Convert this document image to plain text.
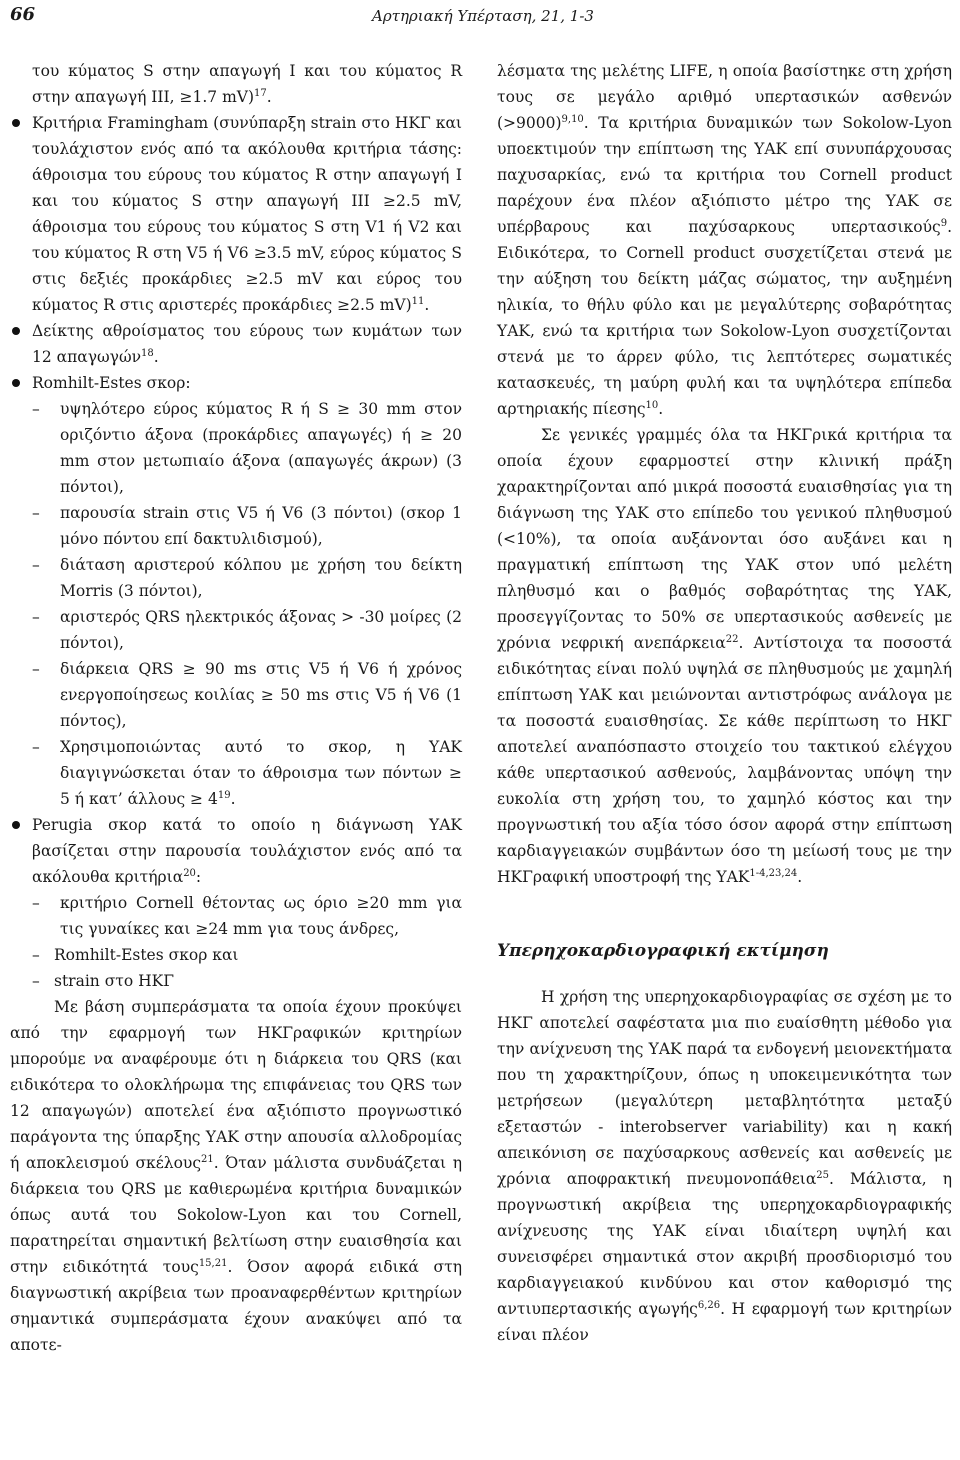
66	Αρτηριακή Υπέρταση, 21, 1-3

του κύματος S στην απαγωγή I και του κύματος R στην απαγωγή III, ≥1.7 mV)$^{17}$.

Κριτήρια Framingham (συνύπαρξη strain στο ΗΚΓ και τουλάχιστον ενός από τα ακόλουθα κριτήρια τάσης: άθροισμα του εύρους του κύματος R στην απαγωγή I και του κύματος S στην απαγωγή III ≥2.5 mV, άθροισμα του εύρους του κύματος S στη V1 ή V2 και του κύματος R στη V5 ή V6 ≥3.5 mV, εύρος κύματος S στις δεξιές προκάρδιες ≥2.5 mV και εύρος του κύματος R στις αριστερές προκάρδιες ≥2.5 mV)$^{11}$.

Δείκτης αθροίσματος του εύρους των κυμάτων των 12 απαγωγών$^{18}$.

Romhilt-Estes σκορ:

– υψηλότερο εύρος κύματος R ή S ≥ 30 mm στον οριζόντιο άξονα (προκάρδιες απαγωγές) ή ≥ 20 mm στον μετωπιαίο άξονα (απαγωγές άκρων) (3 πόντοι),

– παρουσία strain στις V5 ή V6 (3 πόντοι) (σκορ 1 μόνο πόντου επί δακτυλιδισμού),

– διάταση αριστερού κόλπου με χρήση του δείκτη Morris (3 πόντοι),

– αριστερός QRS ηλεκτρικός άξονας > -30 μοίρες (2 πόντοι),

– διάρκεια QRS ≥ 90 ms στις V5 ή V6 ή χρόνος ενεργοποίησεως κοιλίας ≥ 50 ms στις V5 ή V6 (1 πόντος),

– Χρησιμοποιώντας αυτό το σκορ, η ΥΑΚ διαγιγνώσκεται όταν το άθροισμα των πόντων ≥ 5 ή κατ’ $ά\lambda\lambda o\upsilon\varsigma \ge 4^{19}$.

Perugia σκορ κατά το οποίο η διάγνωση ΥΑΚ βασίζεται στην παρουσία τουλάχιστον ενός από τα ακόλουθα κριτήρια$^{20}$:

– κριτήριο Cornell θέτοντας ως όριο ≥20 mm για τις γυναίκες και ≥24 mm για τους άνδρες,

– Romhilt-Estes σκορ και

– strain στο ΗΚΓ

Με βάση συμπεράσματα τα οποία έχουν προκύψει από την εφαρμογή των ΗΚΓραφικών κριτηρίων μπορούμε να αναφέρουμε ότι η διάρκεια του QRS (και ειδικότερα το ολοκλήρωμα της επιφάνειας του QRS των 12 απαγωγών) αποτελεί ένα αξιόπιστο προγνωστικό παράγοντα της ύπαρξης ΥΑΚ στην απουσία αλλοδρομίας ή αποκλεισμού σκέλους$^{21}$. Όταν μάλιστα συνδυάζεται η διάρκεια του QRS με καθιερωμένα κριτήρια δυναμικών όπως αυτά του Sokolow-Lyon και του Cornell, παρατηρείται σημαντική βελτίωση στην ευαισθησία και στην ειδικότητά τους$^{15,21}$. Όσον αφορά ειδικά στη διαγνωστική ακρίβεια των προαναφερθέντων κριτηρίων σημαντικά συμπεράσματα έχουν ανακύψει από τα αποτε-

λέσματα της μελέτης LIFE, η οποία βασίστηκε στη χρήση τους σε μεγάλο αριθμό υπερτασικών ασθενών (>9000)$^{9,10}$. Τα κριτήρια δυναμικών των Sokolow-Lyon υποεκτιμούν την επίπτωση της ΥΑΚ επί συνυπάρχουσας παχυσαρκίας, ενώ τα κριτήρια του Cornell product παρέχουν ένα πλέον αξιόπιστο μέτρο της ΥΑΚ σε υπέρβαρους και παχύσαρκους υπερτασικούς$^9$. Ειδικότερα, το Cornell product συσχετίζεται στενά με την αύξηση του δείκτη μάζας σώματος, την αυξημένη ηλικία, το θήλυ φύλο και με μεγαλύτερης σοβαρότητας ΥΑΚ, ενώ τα κριτήρια των Sokolow-Lyon συσχετίζονται στενά με το άρρεν φύλο, τις λεπτότερες σωματικές κατασκευές, τη μαύρη φυλή και τα υψηλότερα επίπεδα αρτηριακής πίεσης$^{10}$.

Σε γενικές γραμμές όλα τα ΗΚΓρικά κριτήρια τα οποία έχουν εφαρμοστεί στην κλινική πράξη χαρακτηρίζονται από μικρά ποσοστά ευαισθησίας για τη διάγνωση της ΥΑΚ στο επίπεδο του γενικού πληθυσμού (<10%), τα οποία αυξάνονται όσο αυξάνει και η πραγματική επίπτωση της ΥΑΚ στον υπό μελέτη πληθυσμό και ο βαθμός σοβαρότητας της ΥΑΚ, προσεγγίζοντας το 50% σε υπερτασικούς ασθενείς με χρόνια νεφρική ανεπάρκεια$^{22}$. Αντίστοιχα τα ποσοστά ειδικότητας είναι πολύ υψηλά σε πληθυσμούς με χαμηλή επίπτωση ΥΑΚ και μειώνονται αντιστρόφως ανάλογα με τα ποσοστά ευαισθησίας. Σε κάθε περίπτωση το ΗΚΓ αποτελεί αναπόσπαστο στοιχείο του τακτικού ελέγχου κάθε υπερτασικού ασθενούς, λαμβάνοντας υπόψη την ευκολία στη χρήση του, το χαμηλό κόστος και την προγνωστική του αξία τόσο όσον αφορά στην επίπτωση καρδιαγγειακών συμβάντων όσο τη μείωσή τους με την ΗΚΓραφική υποστροφή της ΥΑΚ$^{1-4,23,24}$.

Υπερηχοκαρδιογραφική εκτίμηση

Η χρήση της υπερηχοκαρδιογραφίας σε σχέση με το ΗΚΓ αποτελεί σαφέστατα μια πιο ευαίσθητη μέθοδο για την ανίχνευση της ΥΑΚ παρά τα ενδογενή μειονεκτήματα που τη χαρακτηρίζουν, όπως η υποκειμενικότητα των μετρήσεων (μεγαλύτερη μεταβλητότητα μεταξύ εξεταστών - interobserver variability) και η κακή απεικόνιση σε παχύσαρκους ασθενείς και ασθενείς με χρόνια αποφρακτική πνευμονοπάθεια$^{25}$. Μάλιστα, η προγνωστική ακρίβεια της υπερηχοκαρδιογραφικής ανίχνευσης της ΥΑΚ είναι ιδιαίτερη υψηλή και συνεισφέρει σημαντικά στον ακριβή προσδιορισμό του καρδιαγγειακού κινδύνου και στον καθορισμό της αντιυπερτασικής αγωγής$^{6,26}$. Η εφαρμογή των κριτηρίων είναι πλέον
